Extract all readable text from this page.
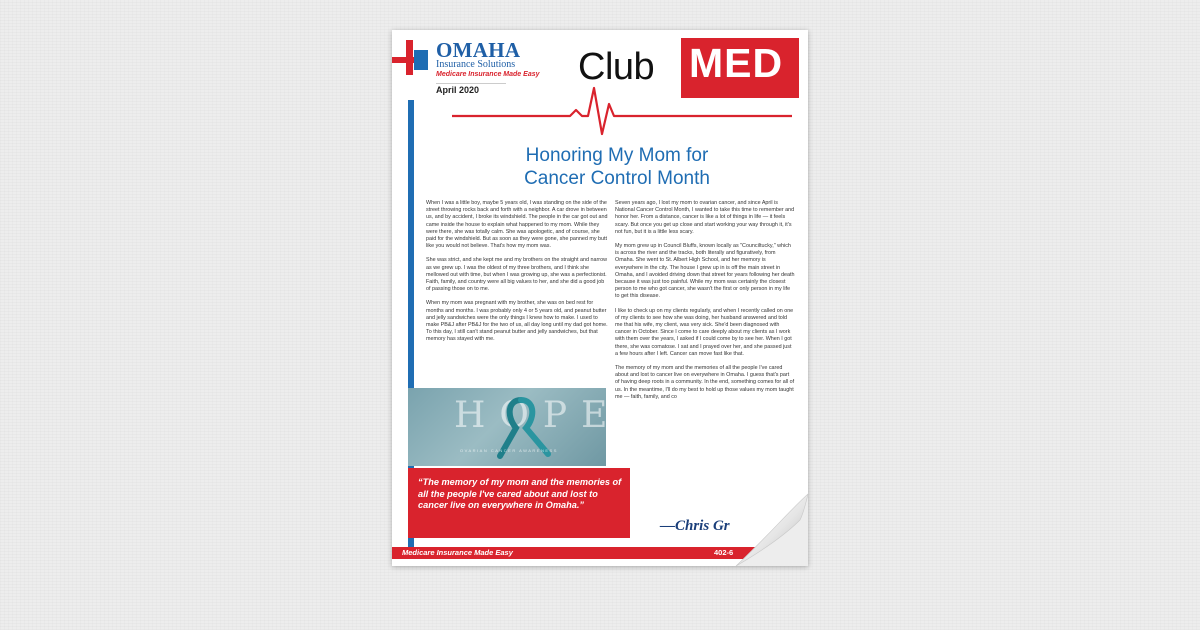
OMAHA
Insurance Solutions
Medicare Insurance Made Easy
April 2020
Club MED
Honoring My Mom for
Cancer Control Month

When I was a little boy, maybe 5 years old, I was standing on the side of the street throwing rocks back and forth with a neighbor. A car drove in between us, and by accident, I broke its windshield. The people in the car got out and came inside the house to explain what happened to my mom. While they were there, she was totally calm. She was apologetic, and of course, she paid for the windshield. But as soon as they were gone, she panned my butt like you would not believe. That's how my mom was.

She was strict, and she kept me and my brothers on the straight and narrow as we grew up. I was the oldest of my three brothers, and I think she mellowed out with time, but when I was growing up, she was a perfectionist. Faith, family, and country were all big values to her, and she did a good job of passing those on to me.

When my mom was pregnant with my brother, she was on bed rest for months and months. I was probably only 4 or 5 years old, and peanut butter and jelly sandwiches were the only things I knew how to make. I used to make PB&J after PB&J for the two of us, all day long until my dad got home. To this day, I still can't stand peanut butter and jelly sandwiches, but that memory has stayed with me.

Seven years ago, I lost my mom to ovarian cancer, and since April is National Cancer Control Month, I wanted to take this time to remember and honor her. From a distance, cancer is like a lot of things in life — it feels scary. But once you get up close and start working your way through it, it's not fun, but it is a little less scary.

My mom grew up in Council Bluffs, known locally as "Counciltucky," which is across the river and the tracks, both literally and figuratively, from Omaha. She went to St. Albert High School, and her memory is everywhere in the city. The house I grew up in is off the main street in Omaha, and I avoided driving down that street for years following her death because it was just too painful. While my mom was certainly the closest person to me who got cancer, she wasn't the first or only person in my life to get this disease.

I like to check up on my clients regularly, and when I recently called on one of my clients to see how she was doing, her husband answered and told me that his wife, my client, was very sick. She'd been diagnosed with cancer in October. Since I come to care deeply about my clients as I work with them over the years, I asked if I could come by to see her. When I got there, she was comatose. I sat and I prayed over her, and she passed just a few hours after I left. Cancer can move fast like that.

The memory of my mom and the memories of all the people I've cared about and lost to cancer live on everywhere in Omaha. I guess that's part of having deep roots in a community. In the end, something comes for all of us. In the meantime, I'll do my best to hold up those values my mom taught me — faith, family, and co

HOPE
OVARIAN CANCER AWARENESS
“The memory of my mom and the memories of all the people I've cared about and lost to cancer live on everywhere in Omaha.”
—Chris Gr
Medicare Insurance Made Easy	402-6
